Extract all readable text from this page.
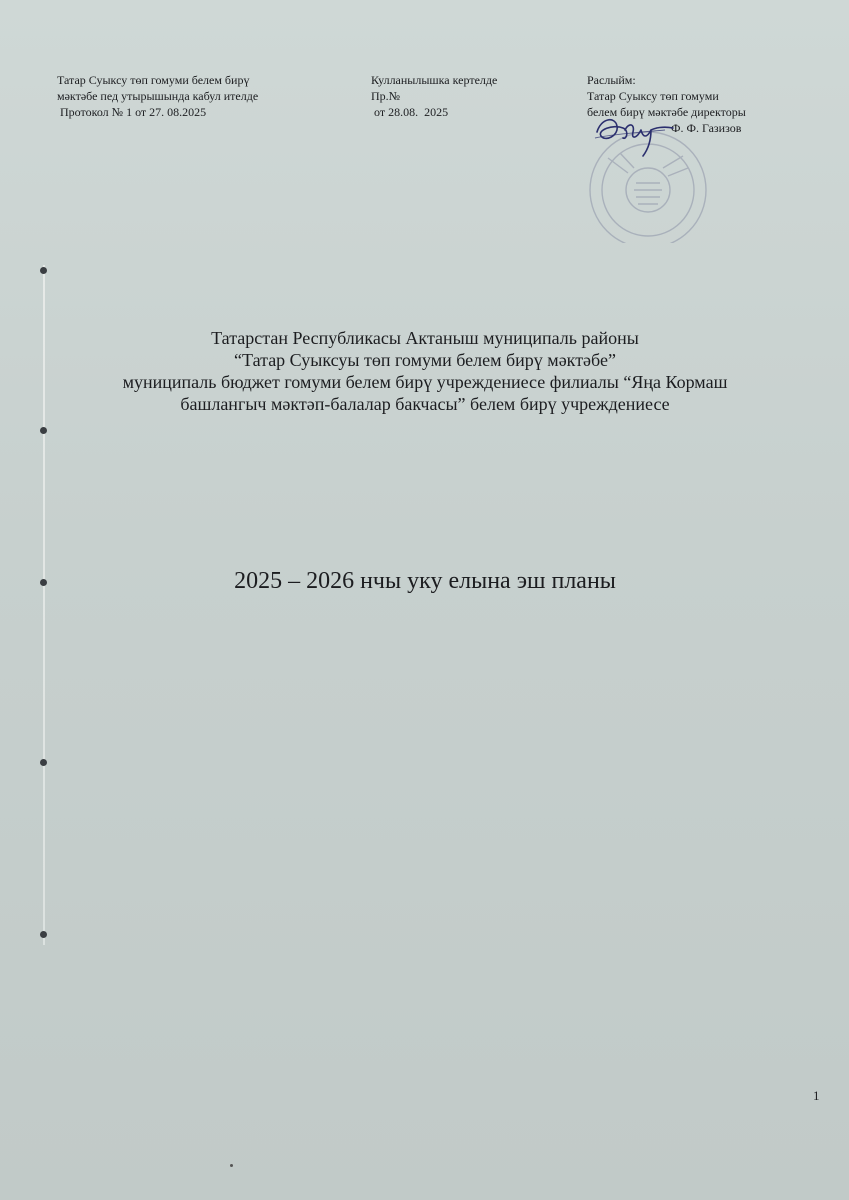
Татар Суыксу төп гомуми белем бирү
мәктәбе пед утырышында кабул ителде
Протокол № 1 от 27. 08.2025
Кулланылышка кертелде
Пр.№
от 28.08.  2025
Раслыйм:
Татар Суыксу төп гомуми
белем бирү мәктәбе директоры
Ф. Ф. Газизов
Татарстан Республикасы Актаныш муниципаль районы
“Татар Суыксуы төп гомуми белем бирү мәктәбе”
муниципаль бюджет гомуми белем бирү учреждениесе филиалы “Яңа Кормаш
башлангыч мәктәп-балалар бакчасы” белем бирү учреждениесе
2025 – 2026 нчы уку елына эш планы
1
